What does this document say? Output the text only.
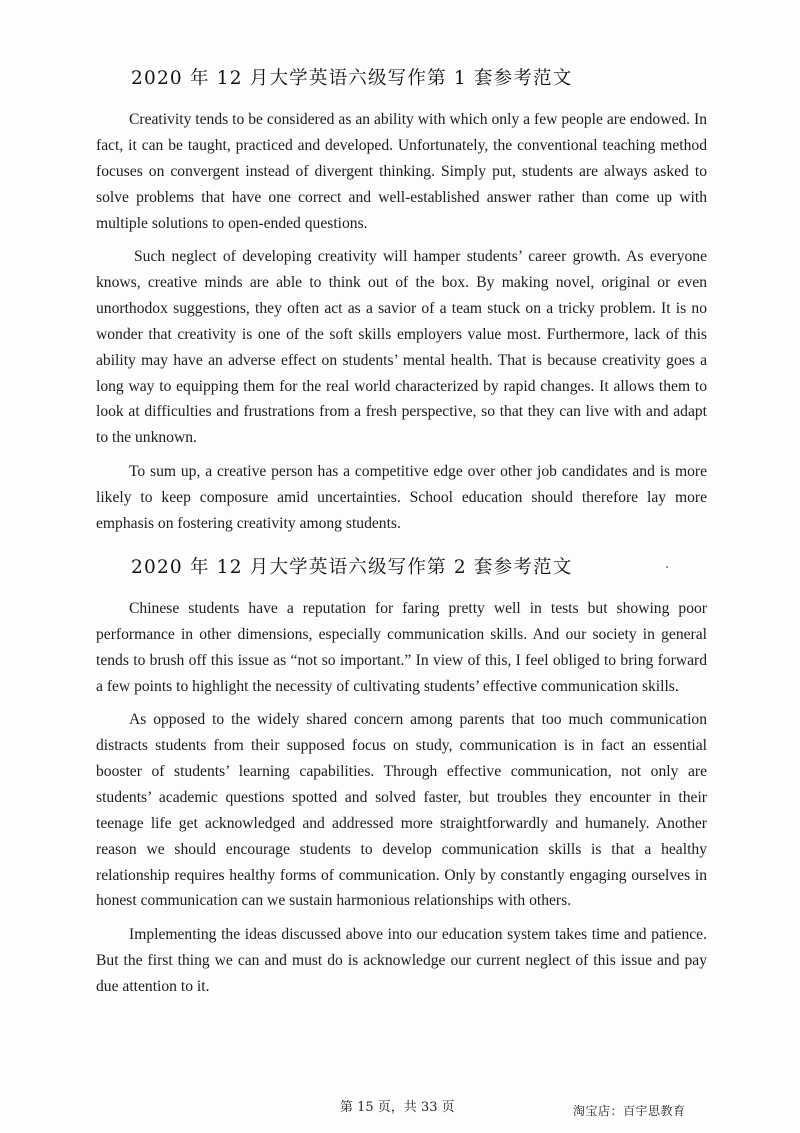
2020 年 12 月大学英语六级写作第 1 套参考范文

Creativity tends to be considered as an ability with which only a few people are endowed. In fact, it can be taught, practiced and developed. Unfortunately, the conventional teaching method focuses on convergent instead of divergent thinking. Simply put, students are always asked to solve problems that have one correct and well-established answer rather than come up with multiple solutions to open-ended questions.

Such neglect of developing creativity will hamper students’ career growth. As everyone knows, creative minds are able to think out of the box. By making novel, original or even unorthodox suggestions, they often act as a savior of a team stuck on a tricky problem. It is no wonder that creativity is one of the soft skills employers value most. Furthermore, lack of this ability may have an adverse effect on students’ mental health. That is because creativity goes a long way to equipping them for the real world characterized by rapid changes. It allows them to look at difficulties and frustrations from a fresh perspective, so that they can live with and adapt to the unknown.

To sum up, a creative person has a competitive edge over other job candidates and is more likely to keep composure amid uncertainties. School education should therefore lay more emphasis on fostering creativity among students.

2020 年 12 月大学英语六级写作第 2 套参考范文

Chinese students have a reputation for faring pretty well in tests but showing poor performance in other dimensions, especially communication skills. And our society in general tends to brush off this issue as “not so important.” In view of this, I feel obliged to bring forward a few points to highlight the necessity of cultivating students’ effective communication skills.

As opposed to the widely shared concern among parents that too much communication distracts students from their supposed focus on study, communication is in fact an essential booster of students’ learning capabilities. Through effective communication, not only are students’ academic questions spotted and solved faster, but troubles they encounter in their teenage life get acknowledged and addressed more straightforwardly and humanely. Another reason we should encourage students to develop communication skills is that a healthy relationship requires healthy forms of communication. Only by constantly engaging ourselves in honest communication can we sustain harmonious relationships with others.

Implementing the ideas discussed above into our education system takes time and patience. But the first thing we can and must do is acknowledge our current neglect of this issue and pay due attention to it.

第 15 页，共 33 页	淘宝店：百宇思教育
